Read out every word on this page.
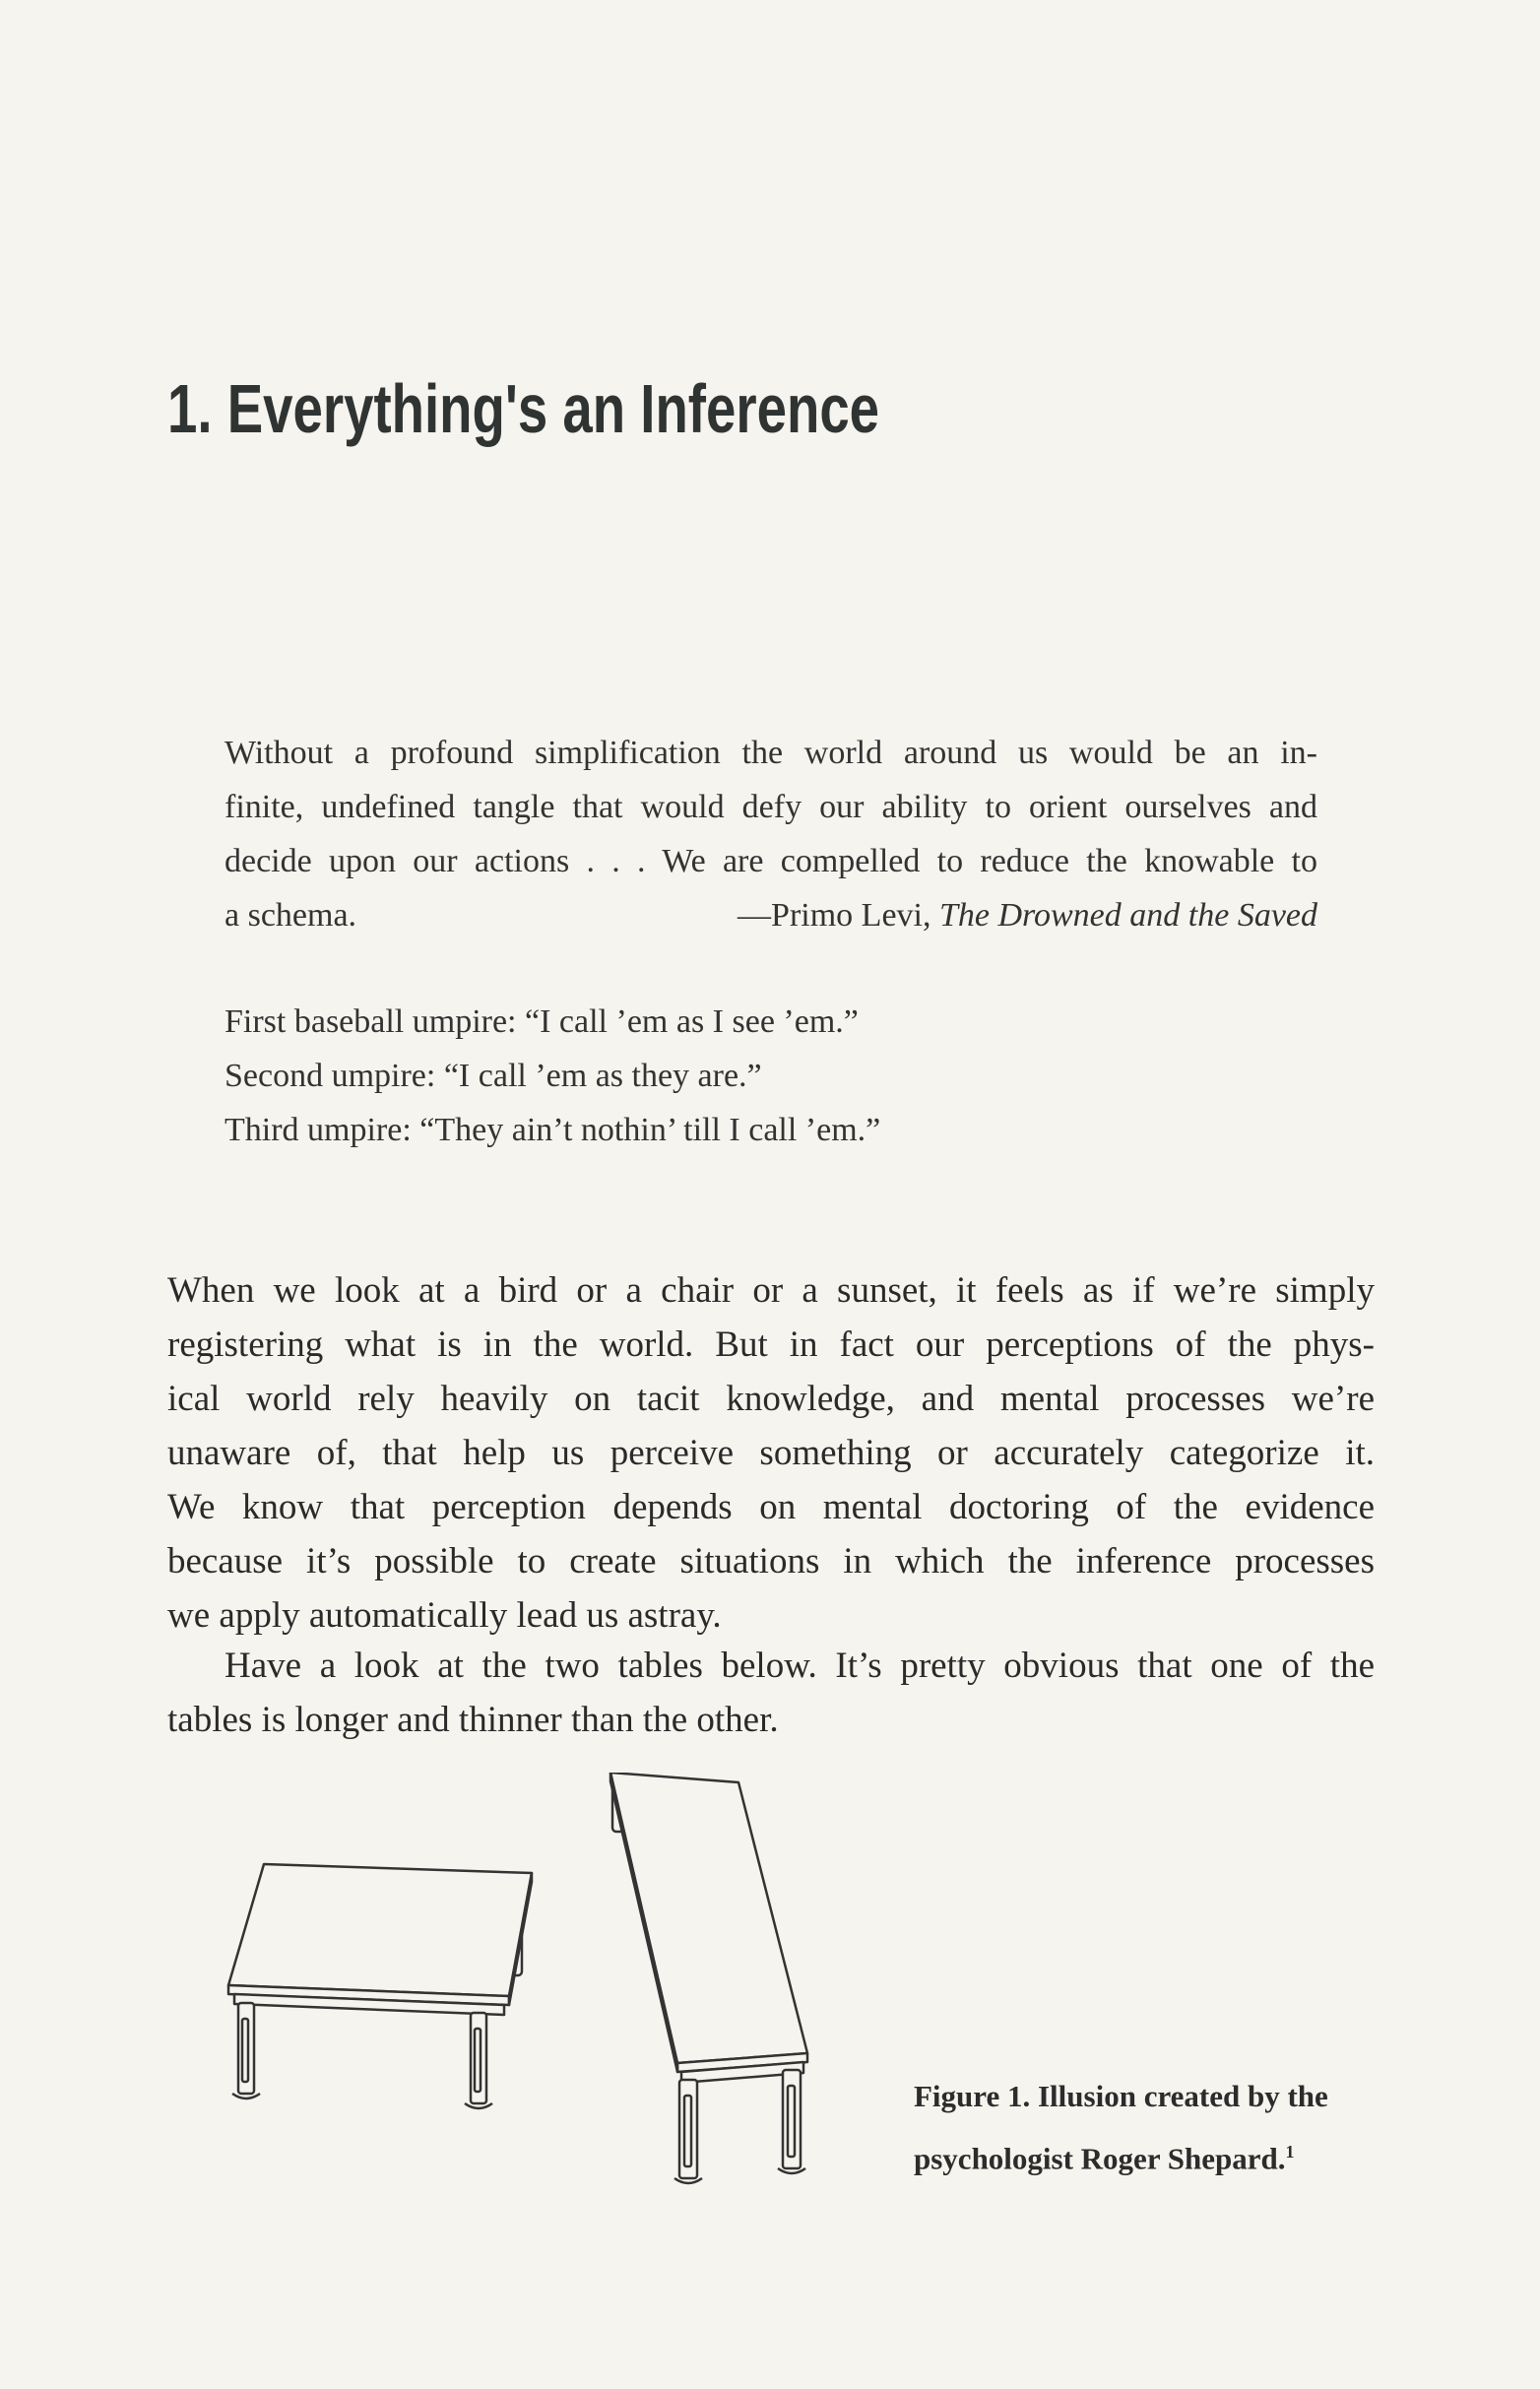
1. Everything's an Inference
Without a profound simplification the world around us would be an in-
finite, undefined tangle that would defy our ability to orient ourselves and
decide upon our actions . . . We are compelled to reduce the knowable to
a schema.	—Primo Levi, The Drowned and the Saved
First baseball umpire: “I call ’em as I see ’em.”
Second umpire: “I call ’em as they are.”
Third umpire: “They ain’t nothin’ till I call ’em.”
When we look at a bird or a chair or a sunset, it feels as if we’re simply
registering what is in the world. But in fact our perceptions of the phys-
ical world rely heavily on tacit knowledge, and mental processes we’re
unaware of, that help us perceive something or accurately categorize it.
We know that perception depends on mental doctoring of the evidence
because it’s possible to create situations in which the inference processes
we apply automatically lead us astray.
Have a look at the two tables below. It’s pretty obvious that one of the
tables is longer and thinner than the other.
Figure 1. Illusion created by the
psychologist Roger Shepard.$^1$
